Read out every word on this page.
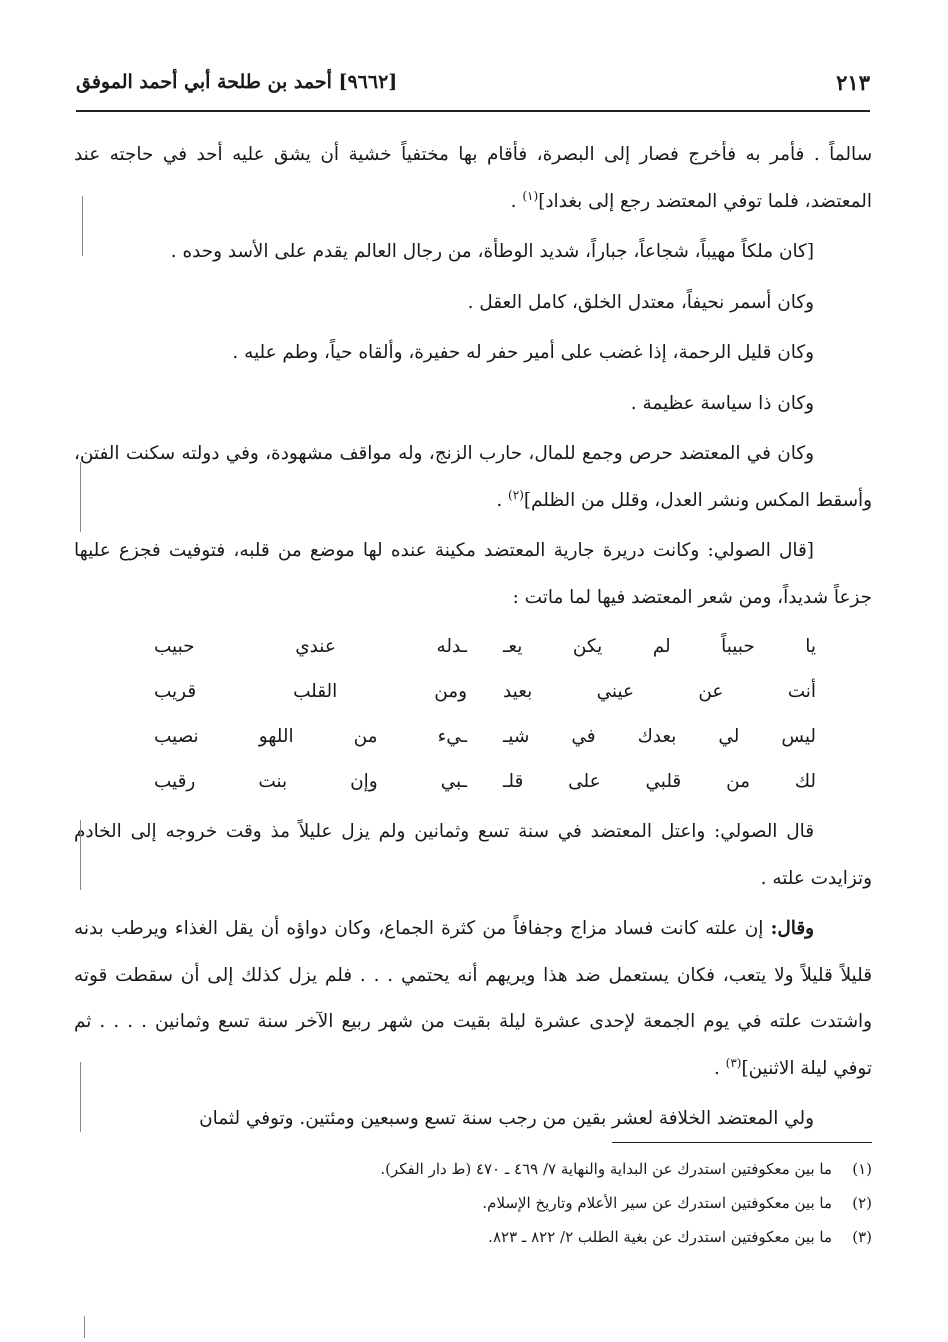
٢١٣
[٩٦٦٢] أحمد بن طلحة أبي أحمد الموفق

سالماً . فأمر به فأخرج فصار إلى البصرة، فأقام بها مختفياً خشية أن يشق عليه أحد في حاجته عند المعتضد، فلما توفي المعتضد رجع إلى بغداد]$^{(١)}$ .

[كان ملكاً مهيباً، شجاعاً، جباراً، شديد الوطأة، من رجال العالم يقدم على الأسد وحده .

وكان أسمر نحيفاً، معتدل الخلق، كامل العقل .

وكان قليل الرحمة، إذا غضب على أمير حفر له حفيرة، وألقاه حياً، وطم عليه .

وكان ذا سياسة عظيمة .

وكان في المعتضد حرص وجمع للمال، حارب الزنج، وله مواقف مشهودة، وفي دولته سكنت الفتن، وأسقط المكس ونشر العدل، وقلل من الظلم]$^{(٢)}$ .

[قال الصولي: وكانت دريرة جارية المعتضد مكينة عنده لها موضع من قلبه، فتوفيت فجزع عليها جزعاً شديداً، ومن شعر المعتضد فيها لما ماتت :

يا حبيباً لم يكن يعـ
ـدله عندي حبيب
أنت عن عيني بعيد
ومن القلب قريب
ليس لي بعدك في شيـ
ـيء من اللهو نصيب
لك من قلبي على قلـ
ـبي وإن بنت رقيب

قال الصولي: واعتل المعتضد في سنة تسع وثمانين ولم يزل عليلاً مذ وقت خروجه إلى الخادم وتزايدت علته .

وقال: إن علته كانت فساد مزاج وجفافاً من كثرة الجماع، وكان دواؤه أن يقل الغذاء ويرطب بدنه قليلاً قليلاً ولا يتعب، فكان يستعمل ضد هذا ويريهم أنه يحتمي . . . فلم يزل كذلك إلى أن سقطت قوته واشتدت علته في يوم الجمعة لإحدى عشرة ليلة بقيت من شهر ربيع الآخر سنة تسع وثمانين . . . . ثم توفي ليلة الاثنين]$^{(٣)}$ .

ولي المعتضد الخلافة لعشر بقين من رجب سنة تسع وسبعين ومئتين. وتوفي لثمان

(١)
ما بين معكوفتين استدرك عن البداية والنهاية ٧/ ٤٦٩ ـ ٤٧٠ (ط دار الفكر).
(٢)
ما بين معكوفتين استدرك عن سير الأعلام وتاريخ الإسلام.
(٣)
ما بين معكوفتين استدرك عن بغية الطلب ٢/ ٨٢٢ ـ ٨٢٣.
